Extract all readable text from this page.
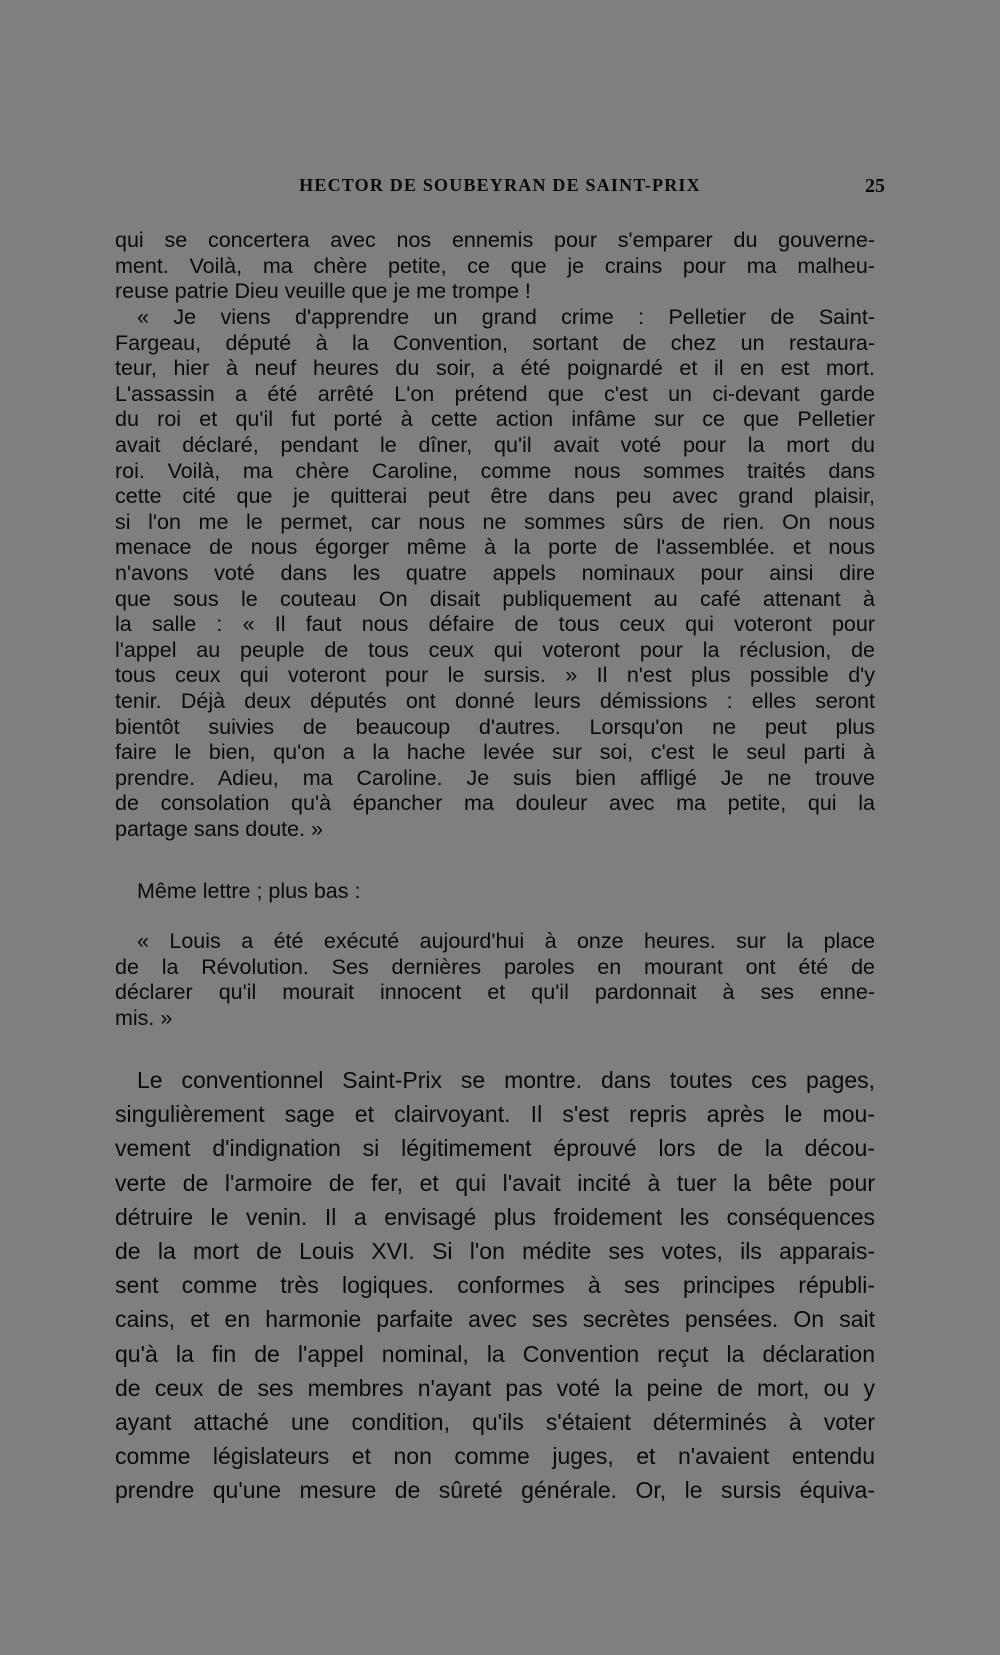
HECTOR DE SOUBEYRAN DE SAINT-PRIX	25
qui se concertera avec nos ennemis pour s'emparer du gouverne-
ment. Voilà, ma chère petite, ce que je crains pour ma malheu-
reuse patrie Dieu veuille que je me trompe !
« Je viens d'apprendre un grand crime : Pelletier de Saint-
Fargeau, député à la Convention, sortant de chez un restaura-
teur, hier à neuf heures du soir, a été poignardé et il en est mort.
L'assassin a été arrêté L'on prétend que c'est un ci-devant garde
du roi et qu'il fut porté à cette action infâme sur ce que Pelletier
avait déclaré, pendant le dîner, qu'il avait voté pour la mort du
roi. Voilà, ma chère Caroline, comme nous sommes traités dans
cette cité que je quitterai peut être dans peu avec grand plaisir,
si l'on me le permet, car nous ne sommes sûrs de rien. On nous
menace de nous égorger même à la porte de l'assemblée. et nous
n'avons voté dans les quatre appels nominaux pour ainsi dire
que sous le couteau On disait publiquement au café attenant à
la salle : « Il faut nous défaire de tous ceux qui voteront pour
l'appel au peuple de tous ceux qui voteront pour la réclusion, de
tous ceux qui voteront pour le sursis. » Il n'est plus possible d'y
tenir. Déjà deux députés ont donné leurs démissions : elles seront
bientôt suivies de beaucoup d'autres. Lorsqu'on ne peut plus
faire le bien, qu'on a la hache levée sur soi, c'est le seul parti à
prendre. Adieu, ma Caroline. Je suis bien affligé Je ne trouve
de consolation qu'à épancher ma douleur avec ma petite, qui la
partage sans doute. »
Même lettre ; plus bas :
« Louis a été exécuté aujourd'hui à onze heures. sur la place
de la Révolution. Ses dernières paroles en mourant ont été de
déclarer qu'il mourait innocent et qu'il pardonnait à ses enne-
mis. »
Le conventionnel Saint-Prix se montre. dans toutes ces pages,
singulièrement sage et clairvoyant. Il s'est repris après le mou-
vement d'indignation si légitimement éprouvé lors de la décou-
verte de l'armoire de fer, et qui l'avait incité à tuer la bête pour
détruire le venin. Il a envisagé plus froidement les conséquences
de la mort de Louis XVI. Si l'on médite ses votes, ils apparais-
sent comme très logiques. conformes à ses principes républi-
cains, et en harmonie parfaite avec ses secrètes pensées. On sait
qu'à la fin de l'appel nominal, la Convention reçut la déclaration
de ceux de ses membres n'ayant pas voté la peine de mort, ou y
ayant attaché une condition, qu'ils s'étaient déterminés à voter
comme législateurs et non comme juges, et n'avaient entendu
prendre qu'une mesure de sûreté générale. Or, le sursis équiva-
